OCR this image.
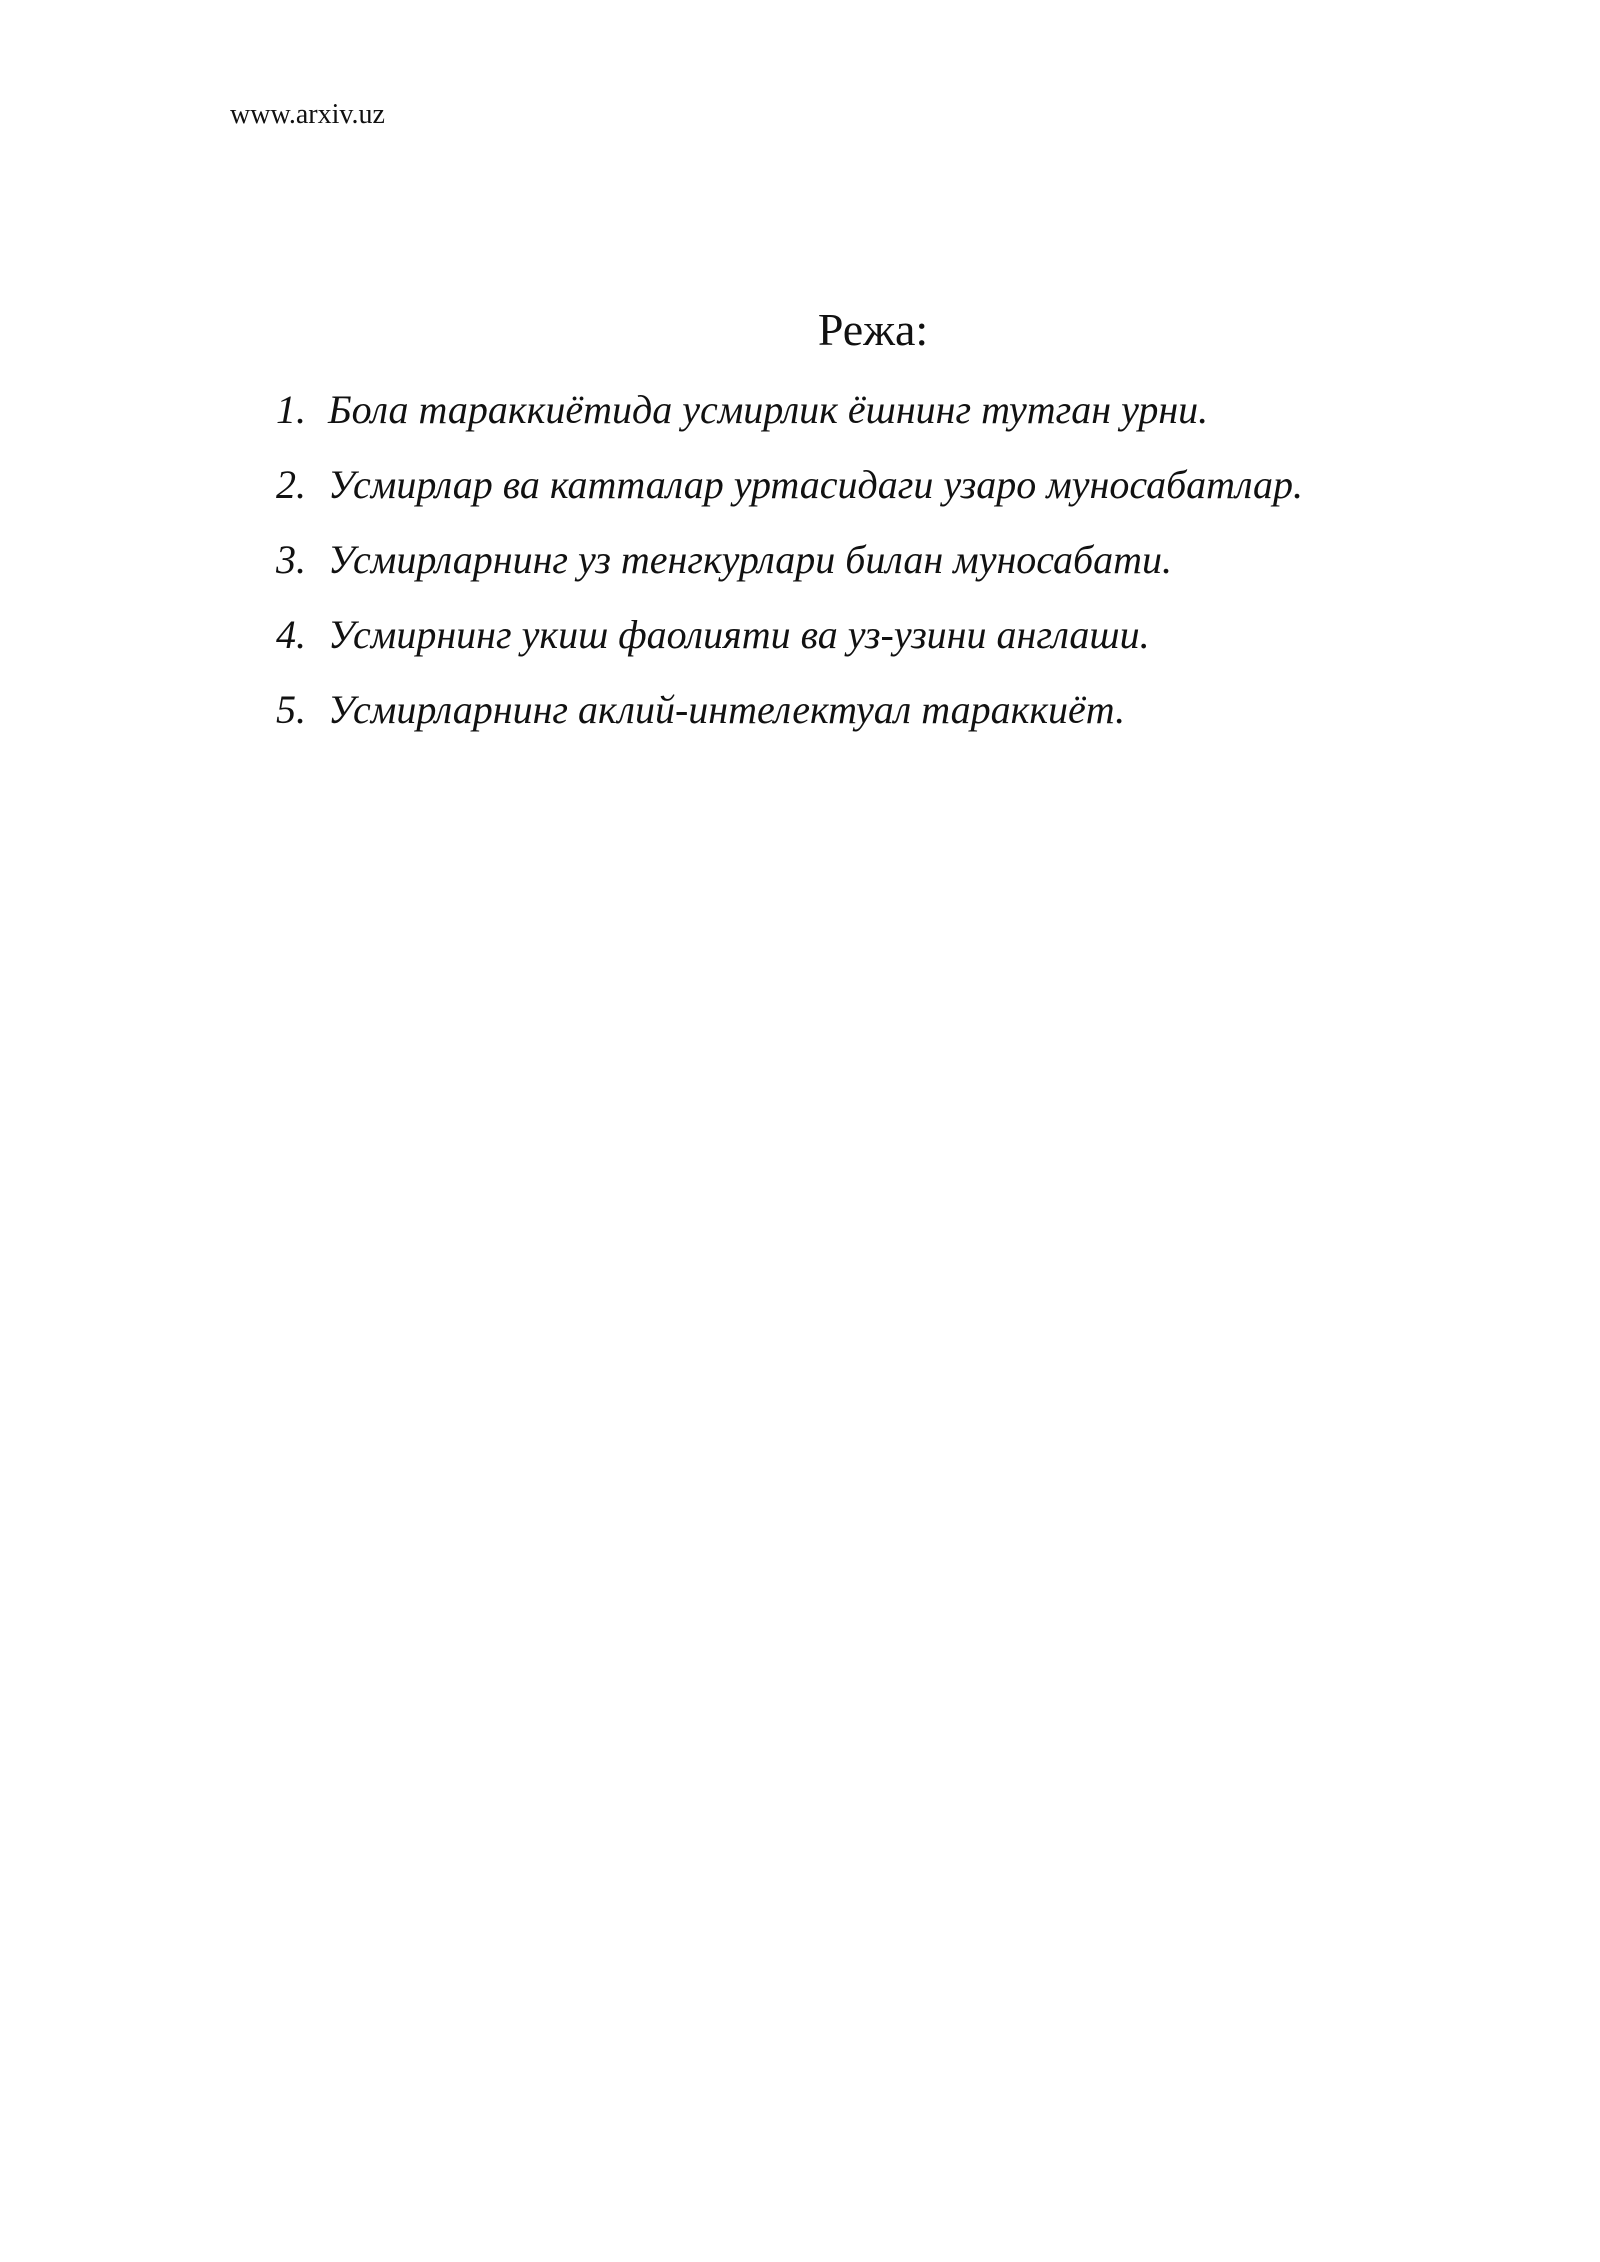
www.arxiv.uz
Режа:
1. Бола тараккиётида усмирлик ёшнинг тутган урни.
2. Усмирлар ва катталар уртасидаги узаро муносабатлар.
3. Усмирларнинг уз тенгкурлари билан муносабати.
4. Усмирнинг укиш фаолияти ва уз-узини англаши.
5. Усмирларнинг аклий-интелектуал тараккиёт.
